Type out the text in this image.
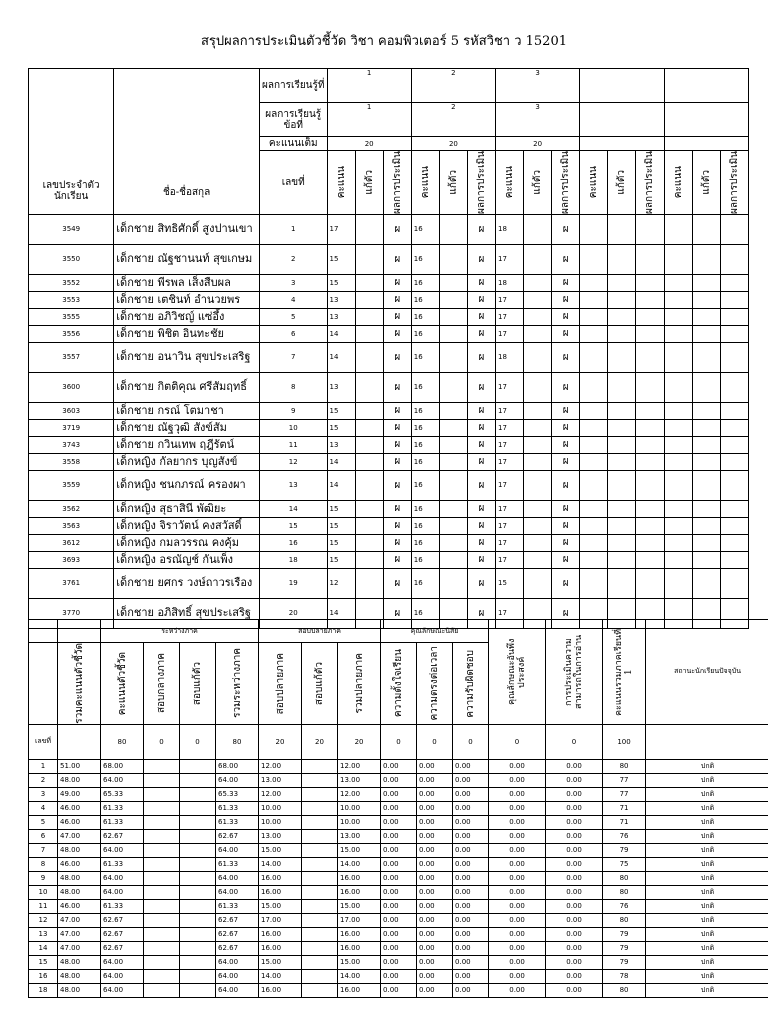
สรุปผลการประเมินตัวชี้วัด วิชา คอมพิวเตอร์ 5 รหัสวิชา ว 15201
เลขประจำตัวนักเรียน	ชื่อ-ชื่อสกุล	ผลการเรียนรู้ที่	1			2			3								
		ผลการเรียนรู้ข้อที่	1			2			3								
		คะแนนเต็ม	20			20			20								
		เลขที่	คะแนน	แก้ตัว	ผลการประเมิน	คะแนน	แก้ตัว	ผลการประเมิน	คะแนน	แก้ตัว	ผลการประเมิน	คะแนน	แก้ตัว	ผลการประเมิน	คะแนน	แก้ตัว	ผลการประเมิน

3549	เด็กชาย สิทธิศักดิ์ สูงปานเขา	1	17		ผ	16		ผ	18		ผ						
3550	เด็กชาย ณัฐชานนท์ สุขเกษม	2	15		ผ	16		ผ	17		ผ						
3552	เด็กชาย พีรพล เส็งสืบผล	3	15		ผ	16		ผ	18		ผ						
3553	เด็กชาย เตชินท์ อำนวยพร	4	13		ผ	16		ผ	17		ผ						
3555	เด็กชาย อภิวิชญ์ แซ่อึ้ง	5	13		ผ	16		ผ	17		ผ						
3556	เด็กชาย พิชิต อินทะชัย	6	14		ผ	16		ผ	17		ผ						
3557	เด็กชาย อนาวิน สุขประเสริฐ	7	14		ผ	16		ผ	18		ผ						
3600	เด็กชาย กิตติคุณ ศรีสัมฤทธิ์	8	13		ผ	16		ผ	17		ผ						
3603	เด็กชาย กรณ์ โตมาชา	9	15		ผ	16		ผ	17		ผ						
3719	เด็กชาย ณัฐวุฒิ สังข์สัม	10	15		ผ	16		ผ	17		ผ						
3743	เด็กชาย กวินเทพ ฤฎีรัตน์	11	13		ผ	16		ผ	17		ผ						
3558	เด็กหญิง กัลยากร บุญสังข์	12	14		ผ	16		ผ	17		ผ						
3559	เด็กหญิง ชนกภรณ์ ครองผา	13	14		ผ	16		ผ	17		ผ						
3562	เด็กหญิง สุธาสินี พัฒิยะ	14	15		ผ	16		ผ	17		ผ						
3563	เด็กหญิง จิราวัตน์ คงสวัสดิ์	15	15		ผ	16		ผ	17		ผ						
3612	เด็กหญิง กมลวรรณ คงคุ้ม	16	15		ผ	16		ผ	17		ผ						
3693	เด็กหญิง อรณัญช์ กันเพ็ง	18	15		ผ	16		ผ	17		ผ						
3761	เด็กชาย ยศกร วงษ์ถาวรเรือง	19	12		ผ	16		ผ	15		ผ						
3770	เด็กชาย อภิสิทธิ์ สุขประเสริฐ	20	14		ผ	16		ผ	17		ผ						
		ระหว่างภาค				สอบปลายภาค			คุณลักษณะนิสัย			คุณลักษณะอันพึงประสงค์	การประเมินความสามารถในการอ่าน	คะแนนรวมภาคเรียนที่ 1	สถานะนักเรียนปัจจุบัน

	รวมคะแนนตัวชี้วัด	คะแนนตัวชี้วัด	สอบกลางภาค	สอบแก้ตัว	รวมระหว่างภาค	สอบปลายภาค	สอบแก้ตัว	รวมปลายภาค	ความตั้งใจเรียน	ความตรงต่อเวลา	ความรับผิดชอบ				

เลขที่		80	0	0	80	20	20	20	0	0	0	0	0	100	
1	51.00	68.00			68.00	12.00		12.00	0.00	0.00	0.00	0.00	0.00	80	ปกติ
2	48.00	64.00			64.00	13.00		13.00	0.00	0.00	0.00	0.00	0.00	77	ปกติ
3	49.00	65.33			65.33	12.00		12.00	0.00	0.00	0.00	0.00	0.00	77	ปกติ
4	46.00	61.33			61.33	10.00		10.00	0.00	0.00	0.00	0.00	0.00	71	ปกติ
5	46.00	61.33			61.33	10.00		10.00	0.00	0.00	0.00	0.00	0.00	71	ปกติ
6	47.00	62.67			62.67	13.00		13.00	0.00	0.00	0.00	0.00	0.00	76	ปกติ
7	48.00	64.00			64.00	15.00		15.00	0.00	0.00	0.00	0.00	0.00	79	ปกติ
8	46.00	61.33			61.33	14.00		14.00	0.00	0.00	0.00	0.00	0.00	75	ปกติ
9	48.00	64.00			64.00	16.00		16.00	0.00	0.00	0.00	0.00	0.00	80	ปกติ
10	48.00	64.00			64.00	16.00		16.00	0.00	0.00	0.00	0.00	0.00	80	ปกติ
11	46.00	61.33			61.33	15.00		15.00	0.00	0.00	0.00	0.00	0.00	76	ปกติ
12	47.00	62.67			62.67	17.00		17.00	0.00	0.00	0.00	0.00	0.00	80	ปกติ
13	47.00	62.67			62.67	16.00		16.00	0.00	0.00	0.00	0.00	0.00	79	ปกติ
14	47.00	62.67			62.67	16.00		16.00	0.00	0.00	0.00	0.00	0.00	79	ปกติ
15	48.00	64.00			64.00	15.00		15.00	0.00	0.00	0.00	0.00	0.00	79	ปกติ
16	48.00	64.00			64.00	14.00		14.00	0.00	0.00	0.00	0.00	0.00	78	ปกติ
18	48.00	64.00			64.00	16.00		16.00	0.00	0.00	0.00	0.00	0.00	80	ปกติ
